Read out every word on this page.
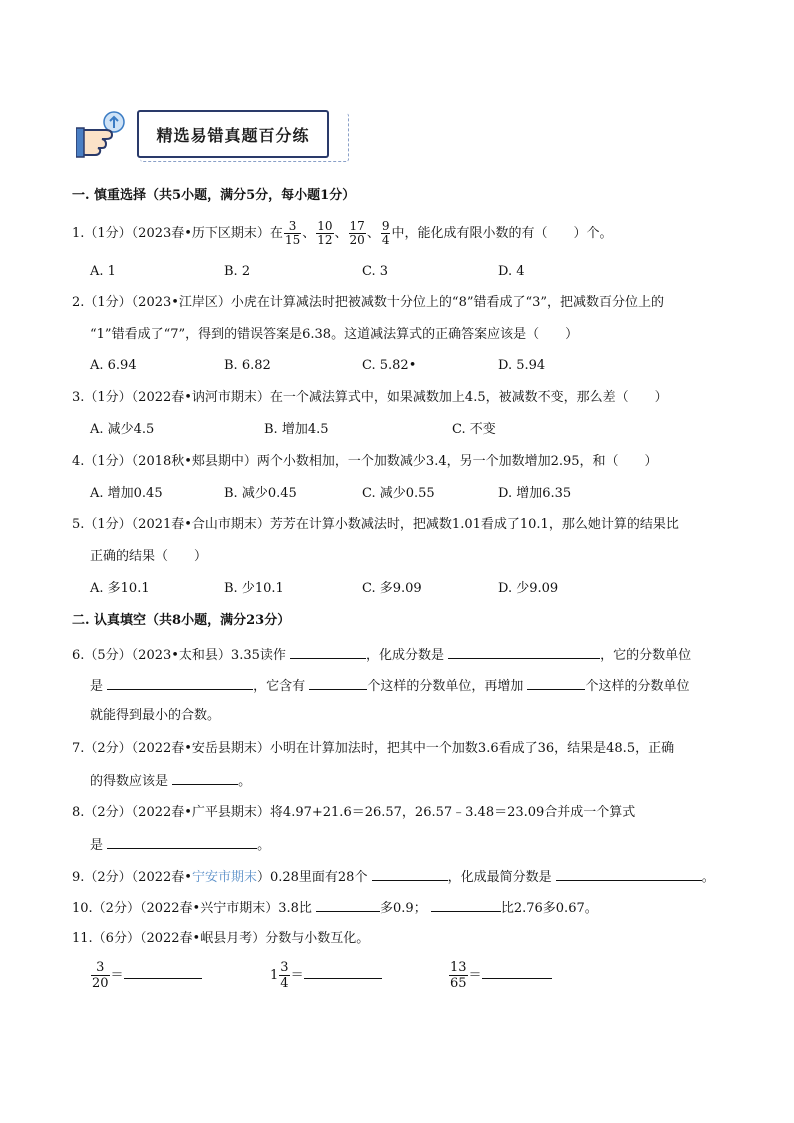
精选易错真题百分练
一. 慎重选择（共5小题，满分5分，每小题1分）
1.（1分）（2023春•历下区期末）在 $\frac{3}{15}$ 、 $\frac{10}{12}$ 、 $\frac{17}{20}$ 、 $\frac{9}{4}$ 中，能化成有限小数的有（　　）个。
A. 1	B. 2	C. 3	D. 4
2.（1分）（2023•江岸区）小虎在计算减法时把被减数十分位上的“8”错看成了“3”，把减数百分位上的
“1”错看成了“7”，得到的错误答案是6.38。这道减法算式的正确答案应该是（　　）
A. 6.94	B. 6.82	C. 5.82•	D. 5.94
3.（1分）（2022春•讷河市期末）在一个减法算式中，如果减数加上4.5，被减数不变，那么差（　　）
A. 减少4.5	B. 增加4.5	C. 不变
4.（1分）（2018秋•郏县期中）两个小数相加，一个加数减少3.4，另一个加数增加2.95，和（　　）
A. 增加0.45	B. 减少0.45	C. 减少0.55	D. 增加6.35
5.（1分）（2021春•合山市期末）芳芳在计算小数减法时，把减数1.01看成了10.1，那么她计算的结果比
正确的结果（　　）
A. 多10.1	B. 少10.1	C. 多9.09	D. 少9.09
二. 认真填空（共8小题，满分23分）
6.（5分）（2023•太和县）3.35读作	，化成分数是	，它的分数单位
是	，它含有	个这样的分数单位，再增加	个这样的分数单位
就能得到最小的合数。
7.（2分）（2022春•安岳县期末）小明在计算加法时，把其中一个加数3.6看成了36，结果是48.5，正确
的得数应该是	。
8.（2分）（2022春•广平县期末）将4.97+21.6＝26.57，26.57﹣3.48＝23.09合并成一个算式
是	。
9.（2分）（2022春•宁安市期末）0.28里面有28个	，化成最简分数是	。
10.（2分）（2022春•兴宁市期末）3.8比	多0.9；	比2.76多0.67。
11.（6分）（2022春•岷县月考）分数与小数互化。
$\frac{3}{20}$ ＝	$1 \frac{3}{4}$ ＝	$\frac{13}{65}$ ＝
